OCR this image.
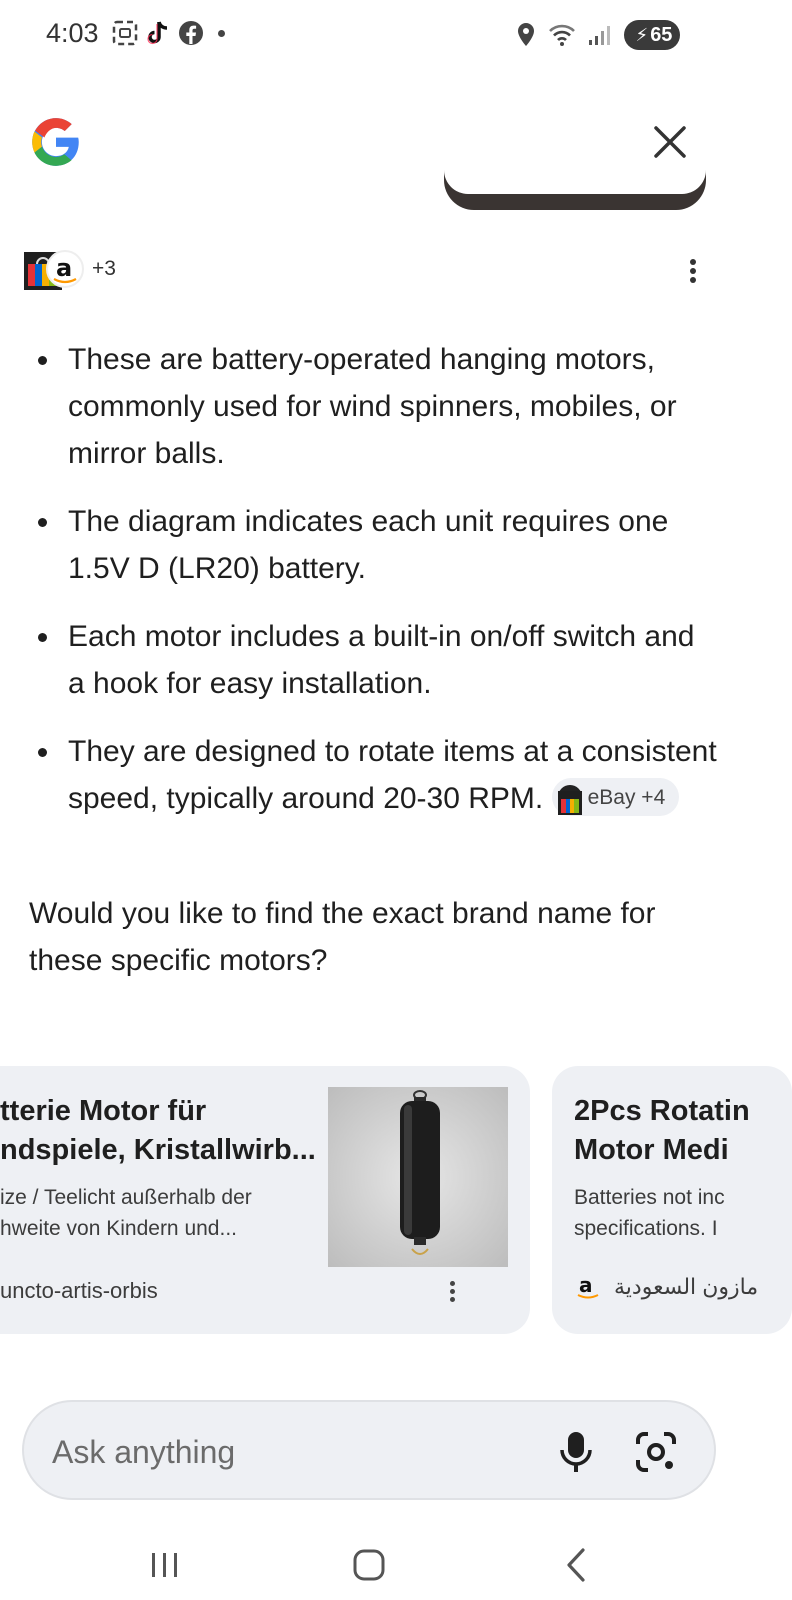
4:03	⚡ 65
a +3
These are battery-operated hanging motors, commonly used for wind spinners, mobiles, or mirror balls.
The diagram indicates each unit requires one 1.5V D (LR20) battery.
Each motor includes a built-in on/off switch and a hook for easy installation.
They are designed to rotate items at a consistent speed, typically around 20-30 RPM. eBay +4
Would you like to find the exact brand name for these specific motors?
tterie Motor für
ndspiele, Kristallwirb...
ize / Teelicht außerhalb der
hweite von Kindern und...
uncto-artis-orbis
2Pcs Rotatin
Motor Medi
Batteries not inc
specifications. I
a مازون السعودية
Ask anything
